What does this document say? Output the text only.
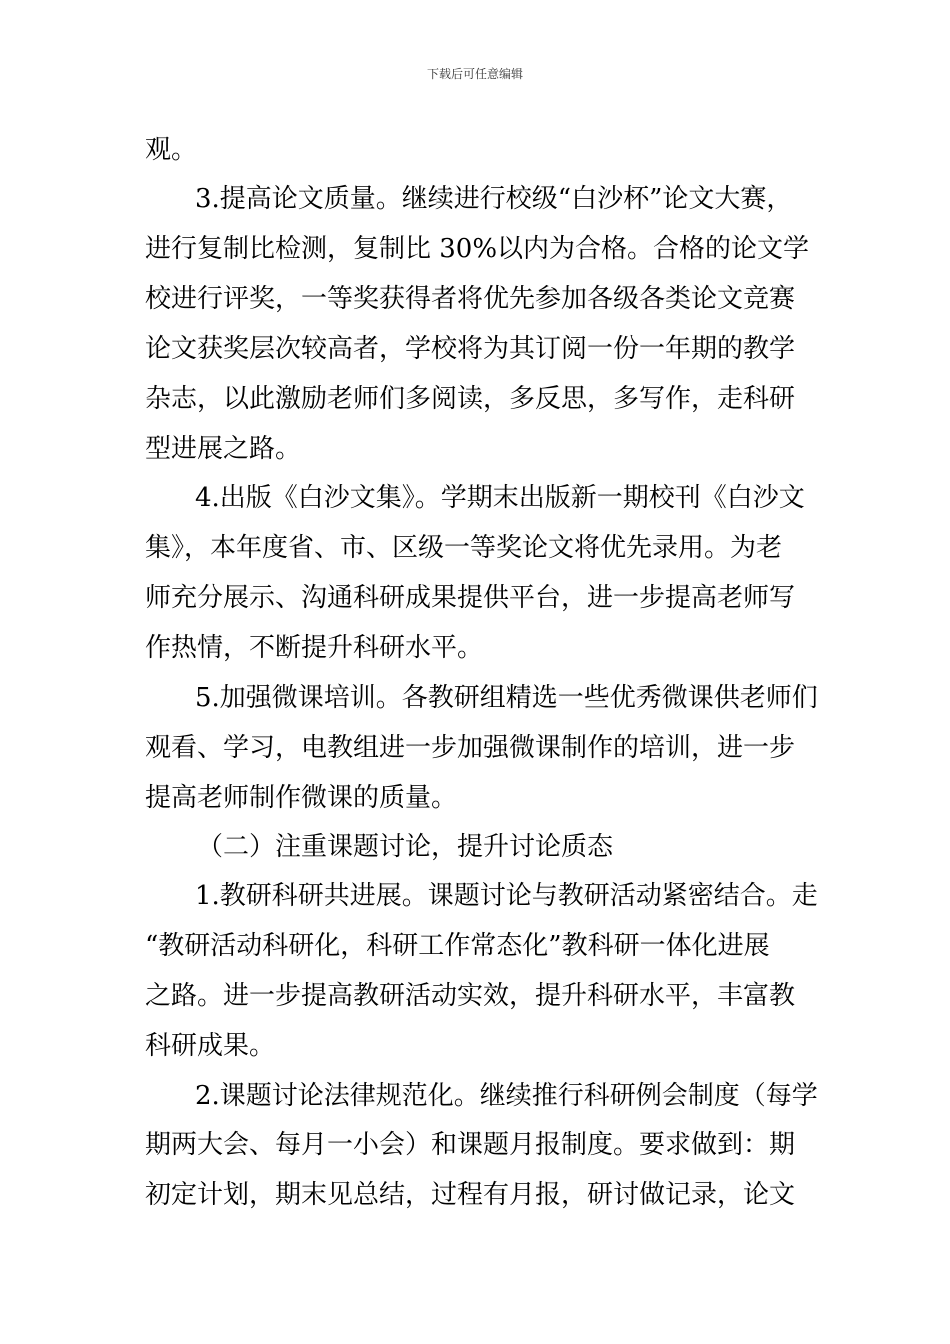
下载后可任意编辑
观。
3.提高论文质量。继续进行校级“白沙杯”论文大赛，
进行复制比检测，复制比 30%以内为合格。合格的论文学
校进行评奖，一等奖获得者将优先参加各级各类论文竞赛
论文获奖层次较高者，学校将为其订阅一份一年期的教学
杂志，以此激励老师们多阅读，多反思，多写作，走科研
型进展之路。
4.出版《白沙文集》。学期末出版新一期校刊《白沙文
集》，本年度省、市、区级一等奖论文将优先录用。为老
师充分展示、沟通科研成果提供平台，进一步提高老师写
作热情，不断提升科研水平。
5.加强微课培训。各教研组精选一些优秀微课供老师们
观看、学习，电教组进一步加强微课制作的培训，进一步
提高老师制作微课的质量。
（二）注重课题讨论，提升讨论质态
1.教研科研共进展。课题讨论与教研活动紧密结合。走
“教研活动科研化，科研工作常态化”教科研一体化进展
之路。进一步提高教研活动实效，提升科研水平，丰富教
科研成果。
2.课题讨论法律规范化。继续推行科研例会制度（每学
期两大会、每月一小会）和课题月报制度。要求做到：期
初定计划，期末见总结，过程有月报，研讨做记录，论文
